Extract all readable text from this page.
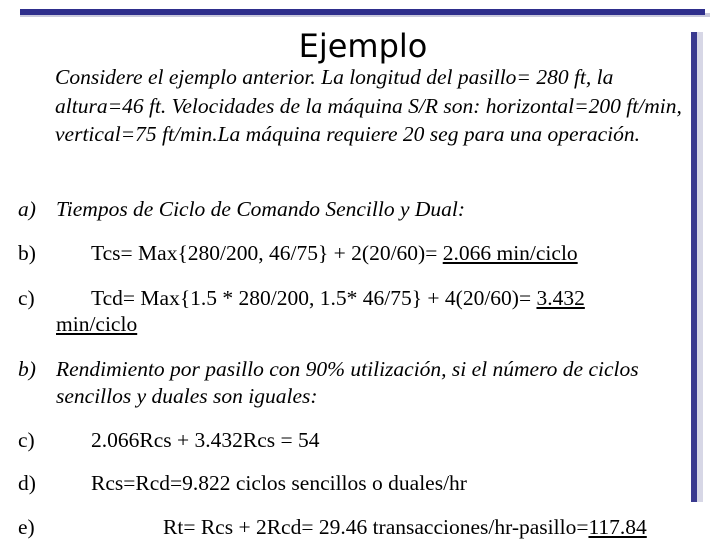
Ejemplo
Considere el ejemplo anterior. La longitud del pasillo= 280 ft, la altura=46 ft. Velocidades de la máquina S/R son: horizontal=200 ft/min, vertical=75 ft/min.La máquina requiere 20 seg para una operación.
a) Tiempos de Ciclo de Comando Sencillo y Dual:
b)	Tcs= Max{280/200, 46/75} + 2(20/60)= 2.066 min/ciclo
c)	Tcd= Max{1.5 * 280/200, 1.5* 46/75} + 4(20/60)= 3.432
min/ciclo
b) Rendimiento por pasillo con 90% utilización, si el número de ciclos
sencillos y duales son iguales:
c)	2.066Rcs + 3.432Rcs = 54
d)	Rcs=Rcd=9.822 ciclos sencillos o duales/hr
e)	Rt= Rcs + 2Rcd= 29.46 transacciones/hr-pasillo=117.84
